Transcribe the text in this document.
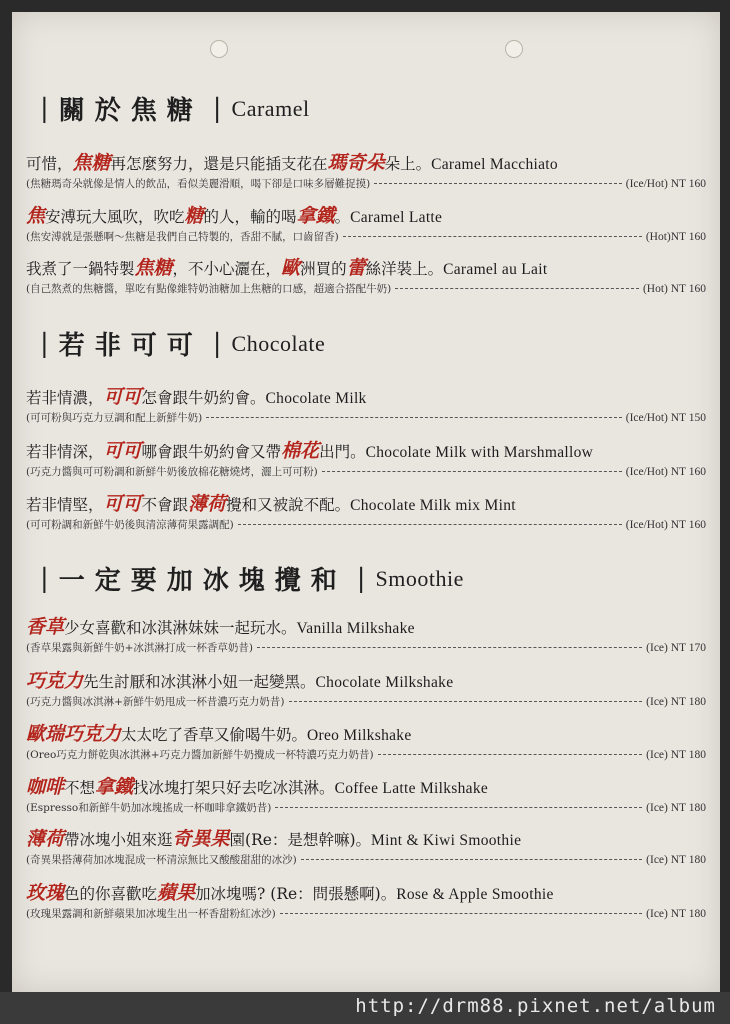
| 關於焦糖 | Caramel
可惜，焦糖再怎麼努力，還是只能插支花在瑪奇朵朵上。Caramel Macchiato
(焦糖瑪奇朵就像是情人的飲品，看似美麗滑順，喝下卻是口味多層難捉摸)	(Ice/Hot) NT 160
焦安溥玩大風吹，吹吃糖的人，輸的喝拿鐵。Caramel Latte
(焦安溥就是張懸啊～焦糖是我們自己特製的，香甜不膩，口齒留香)	(Hot)NT 160
我煮了一鍋特製焦糖，不小心灑在，歐洲買的蕾絲洋裝上。Caramel au Lait
(自己熬煮的焦糖醬，單吃有點像維特奶油糖加上焦糖的口感，超適合搭配牛奶)	(Hot) NT 160
| 若非可可 | Chocolate
若非情濃，可可怎會跟牛奶約會。Chocolate Milk
(可可粉與巧克力豆調和配上新鮮牛奶)	(Ice/Hot) NT 150
若非情深，可可哪會跟牛奶約會又帶棉花出門。Chocolate Milk with Marshmallow
(巧克力醬與可可粉調和新鮮牛奶後放棉花糖燒烤，灑上可可粉)	(Ice/Hot) NT 160
若非情堅，可可不會跟薄荷攪和又被說不配。Chocolate Milk mix Mint
(可可粉調和新鮮牛奶後與清涼薄荷果露調配)	(Ice/Hot) NT 160
| 一定要加冰塊攪和 | Smoothie
香草少女喜歡和冰淇淋妹妹一起玩水。Vanilla Milkshake
(香草果露與新鮮牛奶+冰淇淋打成一杯香草奶昔)	(Ice) NT 170
巧克力先生討厭和冰淇淋小妞一起變黑。Chocolate Milkshake
(巧克力醬與冰淇淋+新鮮牛奶甩成一杯昔濃巧克力奶昔)	(Ice) NT 180
歐瑞巧克力太太吃了香草又偷喝牛奶。Oreo Milkshake
(Oreo巧克力餅乾與冰淇淋+巧克力醬加新鮮牛奶攪成一杯特濃巧克力奶昔)	(Ice) NT 180
咖啡不想拿鐵找冰塊打架只好去吃冰淇淋。Coffee Latte Milkshake
(Espresso和新鮮牛奶加冰塊搖成一杯咖啡拿鐵奶昔)	(Ice) NT 180
薄荷帶冰塊小姐來逛奇異果園(Re：是想幹嘛)。Mint & Kiwi Smoothie
(奇異果搭薄荷加冰塊混成一杯清涼無比又酸酸甜甜的冰沙)	(Ice) NT 180
玫瑰色的你喜歡吃蘋果加冰塊嗎? (Re：問張懸啊)。Rose & Apple Smoothie
(玫瑰果露調和新鮮蘋果加冰塊生出一杯香甜粉紅冰沙)	(Ice) NT 180
http://drm88.pixnet.net/album
